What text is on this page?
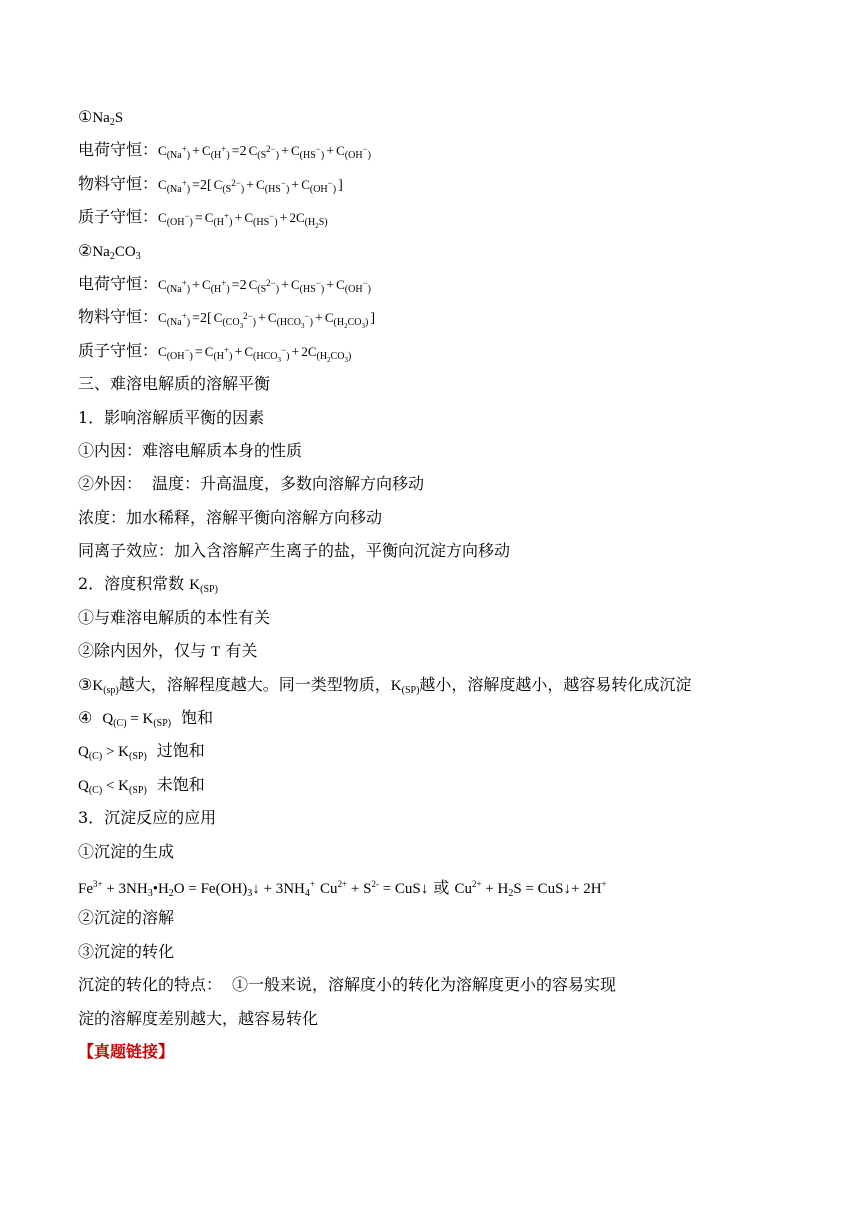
①Na2S
电荷守恒：C(Na+) + C(H+) =2 C(S2−) + C(HS−) + C(OH−)
物料守恒：C(Na+) =2[ C(S2−) + C(HS−) + C(OH−) ]
质子守恒：$C(OH-) = C(H+) + C(HS-) + 2C(H_2S)$
②Na2CO3
电荷守恒：C(Na+) + C(H+) =2 C(S2−) + C(HS−) + C(OH−)
物料守恒：C(Na+) =2[ $C(CO_32-) + C(HCO_3-) + C(H_2CO_3)$ ]
质子守恒：$C(OH-) = C(H+) + C(HCO_3-) + 2C(H_2CO_3)$
三、难溶电解质的溶解平衡
1．影响溶解质平衡的因素
①内因：难溶电解质本身的性质
②外因： 温度：升高温度，多数向溶解方向移动
浓度：加水稀释，溶解平衡向溶解方向移动
同离子效应：加入含溶解产生离子的盐，平衡向沉淀方向移动
2．溶度积常数 K(SP)
①与难溶电解质的本性有关
②除内因外，仅与 T 有关
③K(sp)越大，溶解程度越大。同一类型物质，K(SP)越小，溶解度越小，越容易转化成沉淀
④ Q(C) = K(SP) 饱和
Q(C) > K(SP) 过饱和
Q(C) < K(SP) 未饱和
3．沉淀反应的应用
①沉淀的生成
$Fe^{3+}$ + 3NH3•H2O = Fe(OH)3↓ + 3NH4+ $Cu^{2+} + S^{2-}$ = CuS↓ 或 $Cu^{2+} + H2S$ = CuS↓+ 2H+
②沉淀的溶解
③沉淀的转化
沉淀的转化的特点： ①一般来说，溶解度小的转化为溶解度更小的容易实现
淀的溶解度差别越大，越容易转化
【真题链接】
